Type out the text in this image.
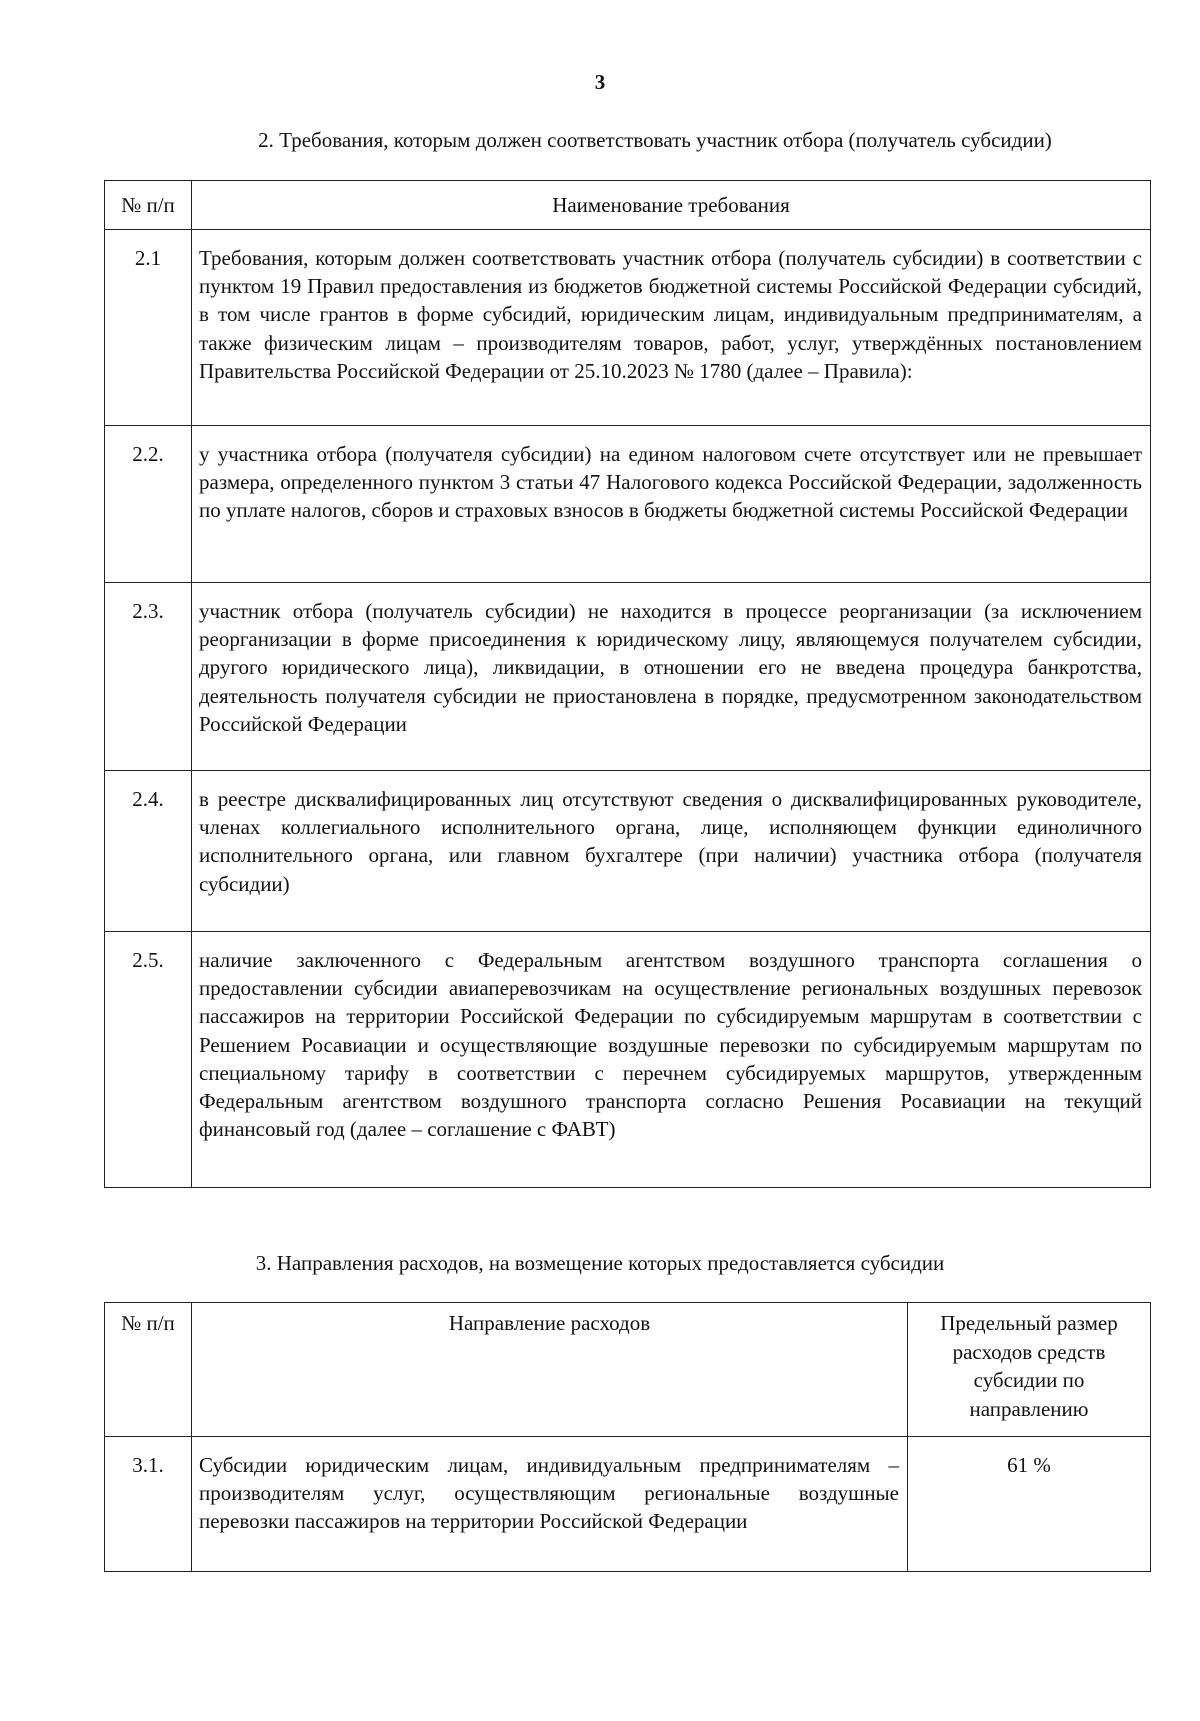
3
2. Требования, которым должен соответствовать участник отбора (получатель субсидии)
№ п/п	Наименование требования
2.1	Требования, которым должен соответствовать участник отбора (получатель субсидии) в соответствии с пунктом 19 Правил предоставления из бюджетов бюджетной системы Российской Федерации субсидий, в том числе грантов в форме субсидий, юридическим лицам, индивидуальным предпринимателям, а также физическим лицам – производителям товаров, работ, услуг, утверждённых постановлением Правительства Российской Федерации от 25.10.2023 № 1780 (далее – Правила):
2.2.	у участника отбора (получателя субсидии) на едином налоговом счете отсутствует или не превышает размера, определенного пунктом 3 статьи 47 Налогового кодекса Российской Федерации, задолженность по уплате налогов, сборов и страховых взносов в бюджеты бюджетной системы Российской Федерации
2.3.	участник отбора (получатель субсидии) не находится в процессе реорганизации (за исключением реорганизации в форме присоединения к юридическому лицу, являющемуся получателем субсидии, другого юридического лица), ликвидации, в отношении его не введена процедура банкротства, деятельность получателя субсидии не приостановлена в порядке, предусмотренном законодательством Российской Федерации
2.4.	в реестре дисквалифицированных лиц отсутствуют сведения о дисквалифицированных руководителе, членах коллегиального исполнительного органа, лице, исполняющем функции единоличного исполнительного органа, или главном бухгалтере (при наличии) участника отбора (получателя субсидии)
2.5.	наличие заключенного с Федеральным агентством воздушного транспорта соглашения о предоставлении субсидии авиаперевозчикам на осуществление региональных воздушных перевозок пассажиров на территории Российской Федерации по субсидируемым маршрутам в соответствии с Решением Росавиации и осуществляющие воздушные перевозки по субсидируемым маршрутам по специальному тарифу в соответствии с перечнем субсидируемых маршрутов, утвержденным Федеральным агентством воздушного транспорта согласно Решения Росавиации на текущий финансовый год (далее – соглашение с ФАВТ)
3. Направления расходов, на возмещение которых предоставляется субсидии
№ п/п	Направление расходов	Предельный размер расходов средств субсидии по направлению
3.1.	Субсидии юридическим лицам, индивидуальным предпринимателям – производителям услуг, осуществляющим региональные воздушные перевозки пассажиров на территории Российской Федерации	61 %
